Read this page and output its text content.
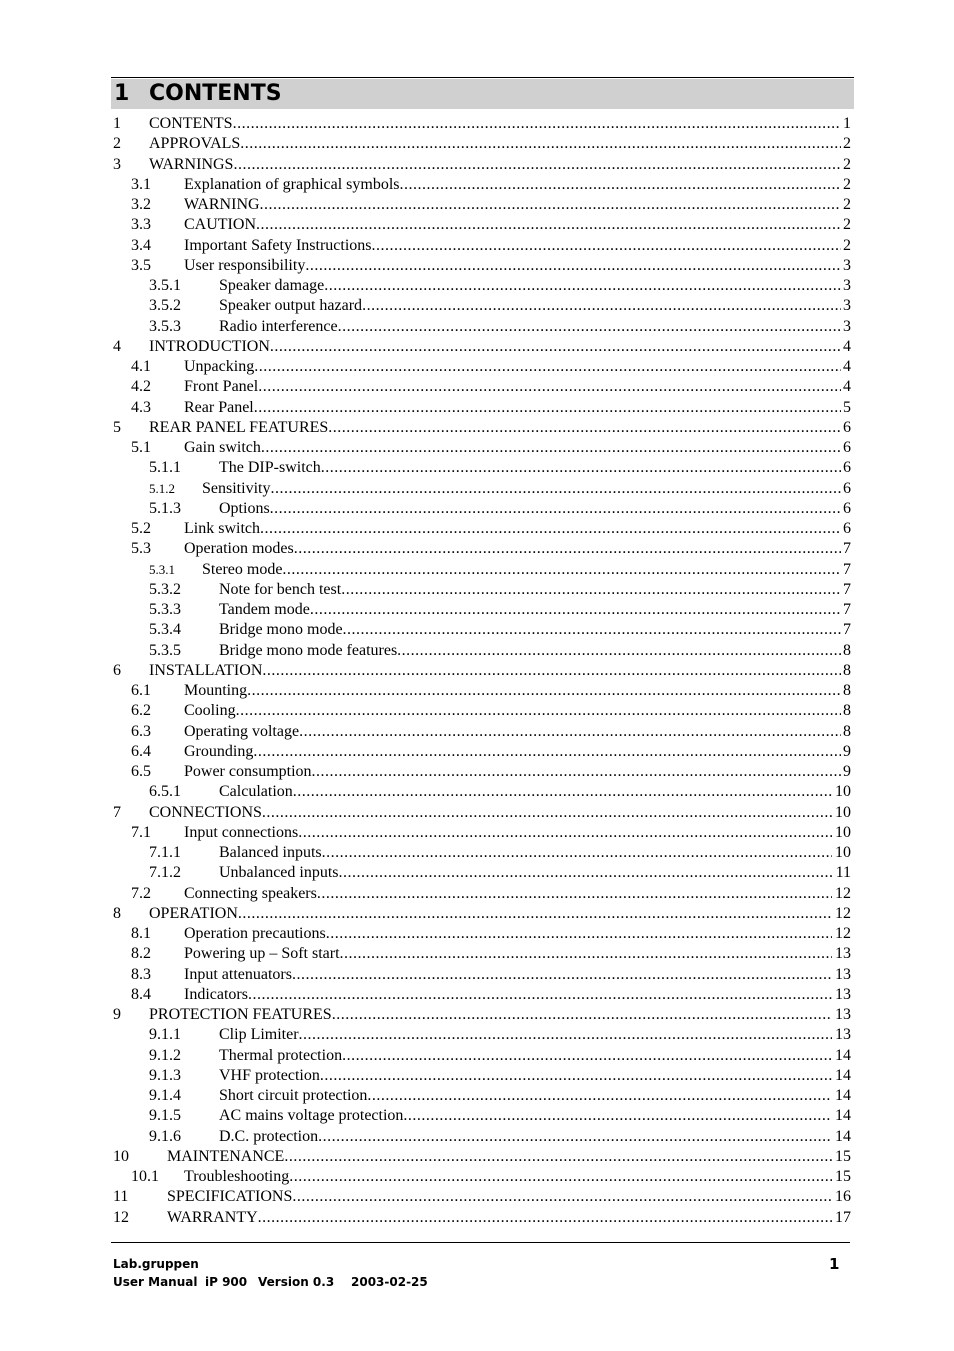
1 CONTENTS
1 CONTENTS .....	1
2 APPROVALS .....	2
3 WARNINGS .....	2
3.1 Explanation of graphical symbols .....	2
3.2 WARNING .....	2
3.3 CAUTION .....	2
3.4 Important Safety Instructions .....	2
3.5 User responsibility .....	3
3.5.1 Speaker damage .....	3
3.5.2 Speaker output hazard .....	3
3.5.3 Radio interference .....	3
4 INTRODUCTION .....	4
4.1 Unpacking .....	4
4.2 Front Panel .....	4
4.3 Rear Panel .....	5
5 REAR PANEL FEATURES .....	6
5.1 Gain switch .....	6
5.1.1 The DIP-switch .....	6
5.1.2 Sensitivity .....	6
5.1.3 Options .....	6
5.2 Link switch .....	6
5.3 Operation modes .....	7
5.3.1 Stereo mode .....	7
5.3.2 Note for bench test .....	7
5.3.3 Tandem mode .....	7
5.3.4 Bridge mono mode .....	7
5.3.5 Bridge mono mode features .....	8
6 INSTALLATION .....	8
6.1 Mounting .....	8
6.2 Cooling .....	8
6.3 Operating voltage .....	8
6.4 Grounding .....	9
6.5 Power consumption .....	9
6.5.1 Calculation .....	10
7 CONNECTIONS .....	10
7.1 Input connections .....	10
7.1.1 Balanced inputs .....	10
7.1.2 Unbalanced inputs .....	11
7.2 Connecting speakers .....	12
8 OPERATION .....	12
8.1 Operation precautions .....	12
8.2 Powering up – Soft start .....	13
8.3 Input attenuators .....	13
8.4 Indicators .....	13
9 PROTECTION FEATURES .....	13
9.1.1 Clip Limiter .....	13
9.1.2 Thermal protection .....	14
9.1.3 VHF protection .....	14
9.1.4 Short circuit protection .....	14
9.1.5 AC mains voltage protection .....	14
9.1.6 D.C. protection .....	14
10 MAINTENANCE .....	15
10.1 Troubleshooting .....	15
11 SPECIFICATIONS .....	16
12 WARRANTY .....	17
Lab.gruppen
User Manual iP 900 Version 0.3 2003-02-25
1
